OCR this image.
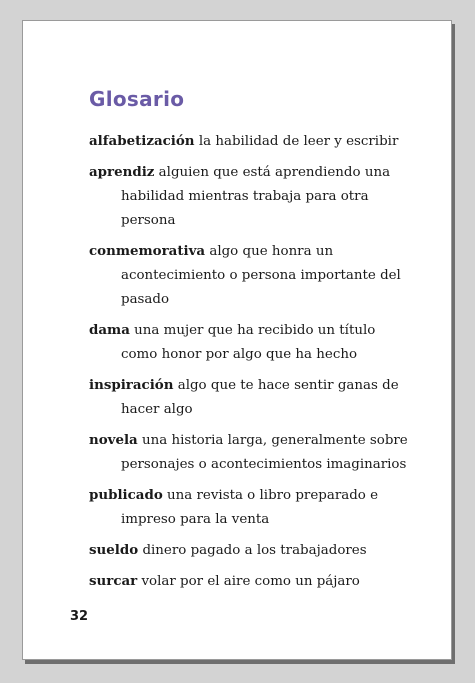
Glosario
alfabetización la habilidad de leer y escribir
aprendiz alguien que está aprendiendo una habilidad mientras trabaja para otra persona
conmemorativa algo que honra un acontecimiento o persona importante del pasado
dama una mujer que ha recibido un título como honor por algo que ha hecho
inspiración algo que te hace sentir ganas de hacer algo
novela una historia larga, generalmente sobre personajes o acontecimientos imaginarios
publicado una revista o libro preparado e impreso para la venta
sueldo dinero pagado a los trabajadores
surcar volar por el aire como un pájaro
32
